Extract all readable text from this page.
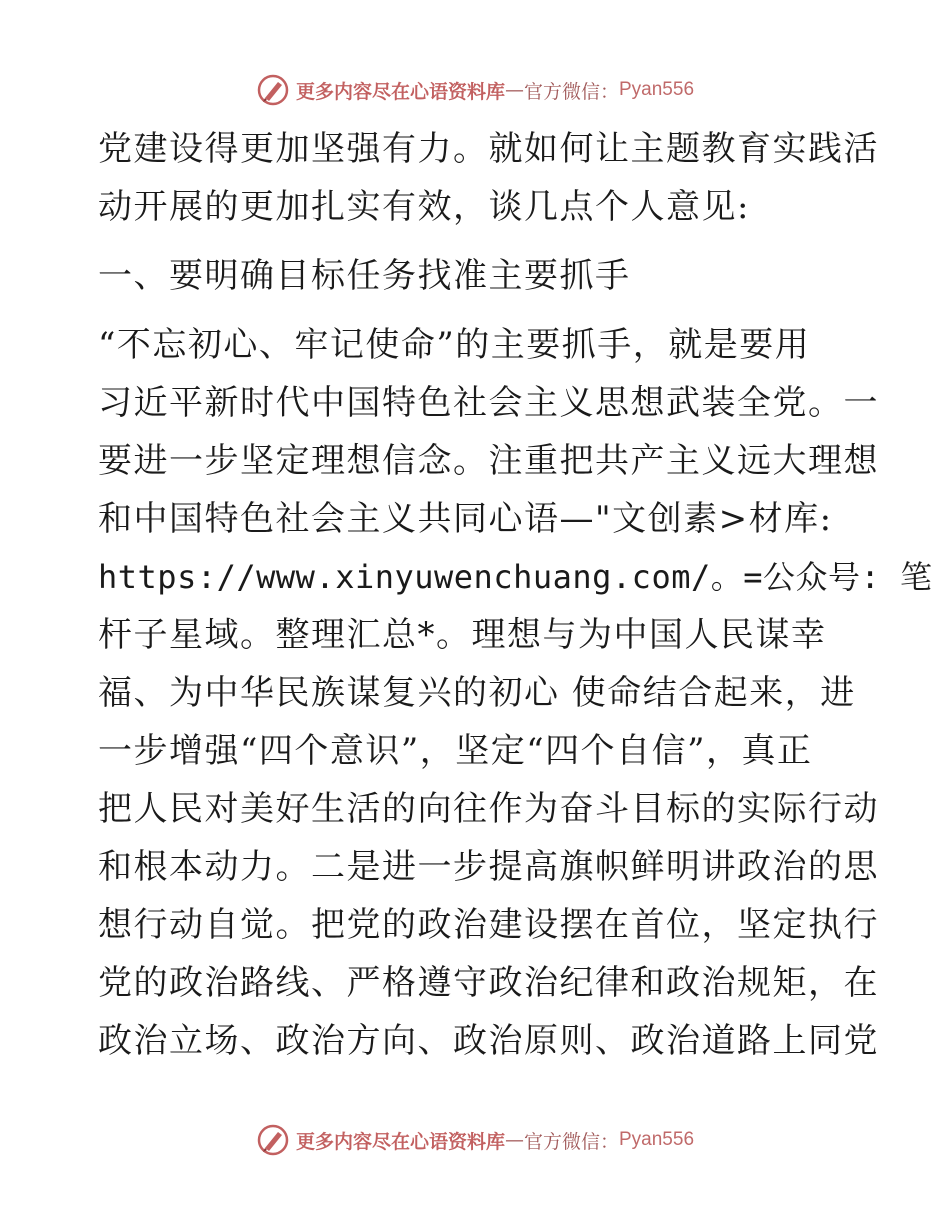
更多内容尽在心语资料库 — 官方微信： Pyan556
党建设得更加坚强有力。就如何让主题教育实践活
动开展的更加扎实有效，谈几点个人意见:
一、要明确目标任务找准主要抓手
“不忘初心、牢记使命”的主要抓手，就是要用
习近平新时代中国特色社会主义思想武装全党。一
要进一步坚定理想信念。注重把共产主义远大理想
和中国特色社会主义共同心语—"文创素>材库:
https://www.xinyuwenchuang.com/。=公众号: 笔
杆子星域。整理汇总*。理想与为中国人民谋幸
福、为中华民族谋复兴的初心 使命结合起来，进
一步增强“四个意识”，坚定“四个自信”，真正
把人民对美好生活的向往作为奋斗目标的实际行动
和根本动力。二是进一步提高旗帜鲜明讲政治的思
想行动自觉。把党的政治建设摆在首位，坚定执行
党的政治路线、严格遵守政治纪律和政治规矩，在
政治立场、政治方向、政治原则、政治道路上同党
更多内容尽在心语资料库 — 官方微信： Pyan556
